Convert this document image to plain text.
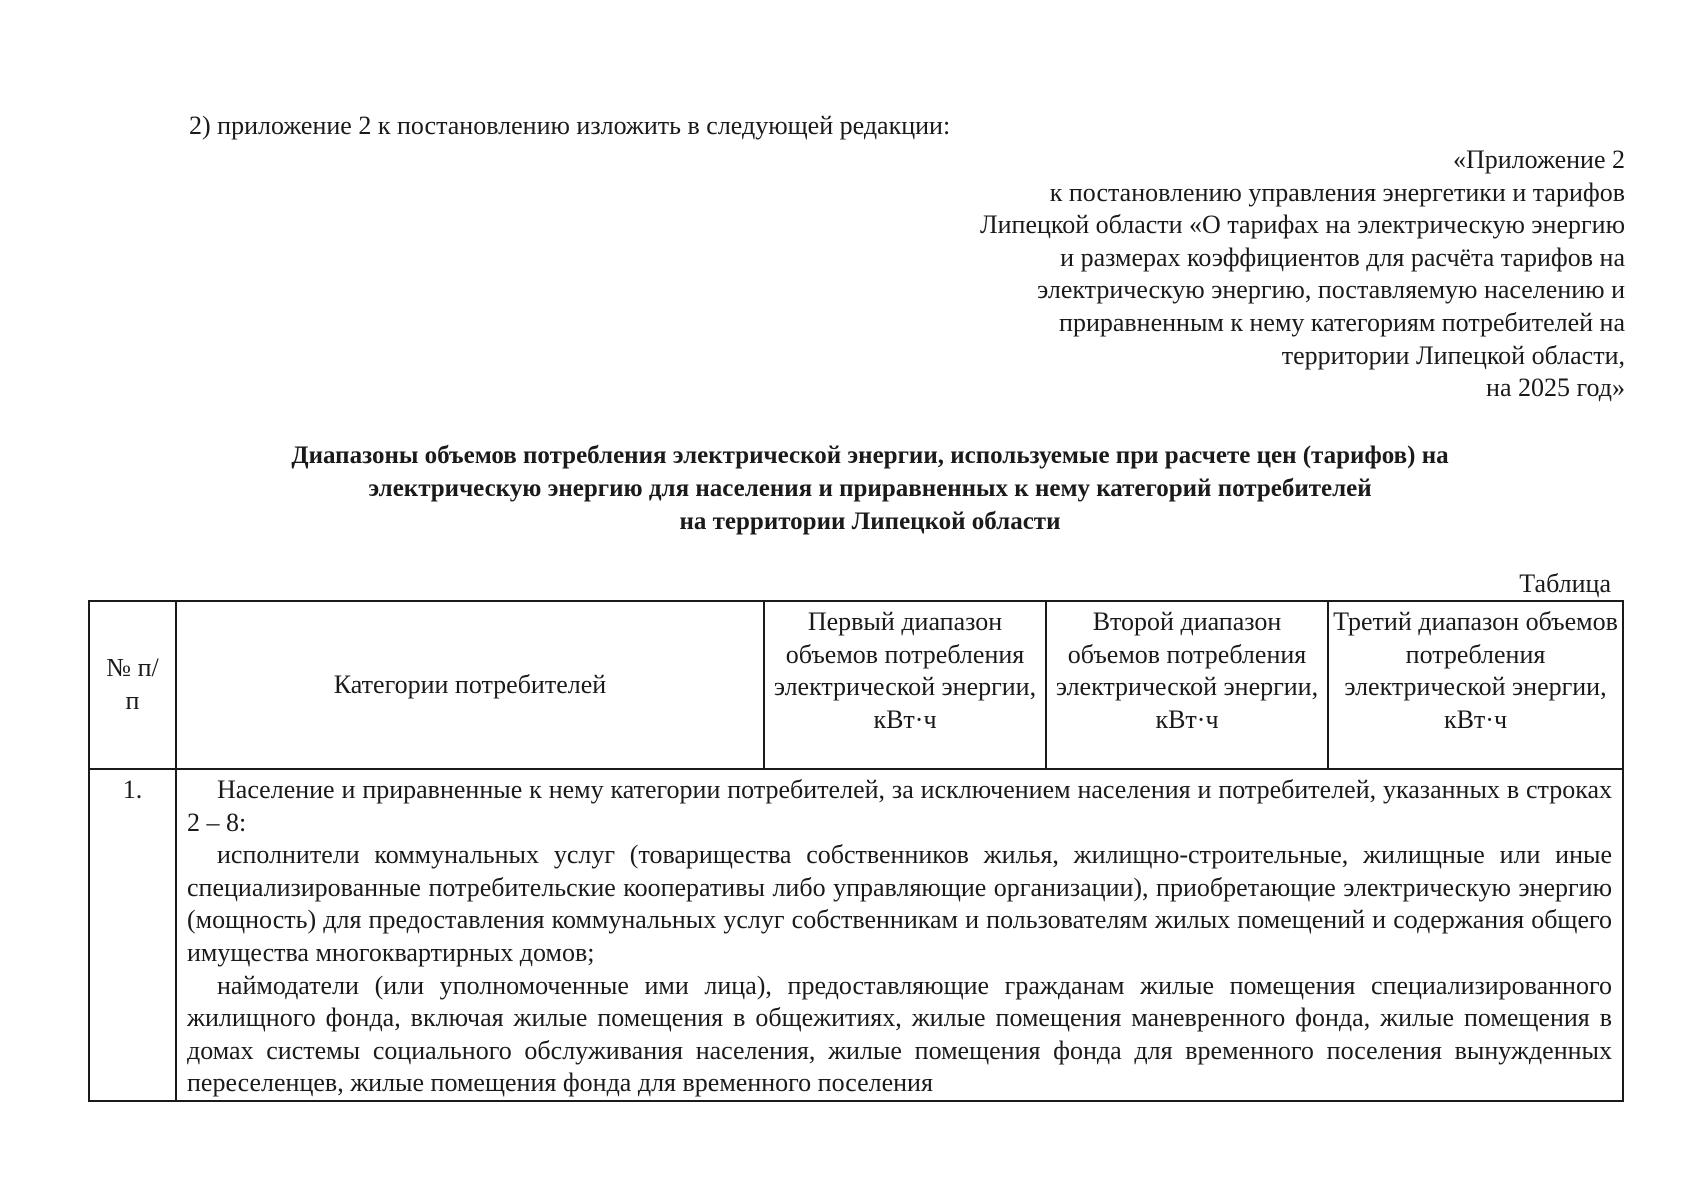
2) приложение 2 к постановлению изложить в следующей редакции:
«Приложение 2
к постановлению управления энергетики и тарифов
Липецкой области «О тарифах на электрическую энергию
и размерах коэффициентов для расчёта тарифов на
электрическую энергию, поставляемую населению и
приравненным к нему категориям потребителей на
территории Липецкой области,
на 2025 год»
Диапазоны объемов потребления электрической энергии, используемые при расчете цен (тарифов) на
электрическую энергию для населения и приравненных к нему категорий потребителей
на территории Липецкой области
Таблица
№ п/п	Категории потребителей	Первый диапазон объемов потребления электрической энергии, кВт·ч	Второй диапазон объемов потребления электрической энергии, кВт·ч	Третий диапазон объемов потребления электрической энергии, кВт·ч
1.	Население и приравненные к нему категории потребителей, за исключением населения и потребителей, указанных в строках 2 – 8:
исполнители коммунальных услуг (товарищества собственников жилья, жилищно-строительные, жилищные или иные специализированные потребительские кооперативы либо управляющие организации), приобретающие электрическую энергию (мощность) для предоставления коммунальных услуг собственникам и пользователям жилых помещений и содержания общего имущества многоквартирных домов;
наймодатели (или уполномоченные ими лица), предоставляющие гражданам жилые помещения специализированного жилищного фонда, включая жилые помещения в общежитиях, жилые помещения маневренного фонда, жилые помещения в домах системы социального обслуживания населения, жилые помещения фонда для временного поселения вынужденных переселенцев, жилые помещения фонда для временного поселения			
